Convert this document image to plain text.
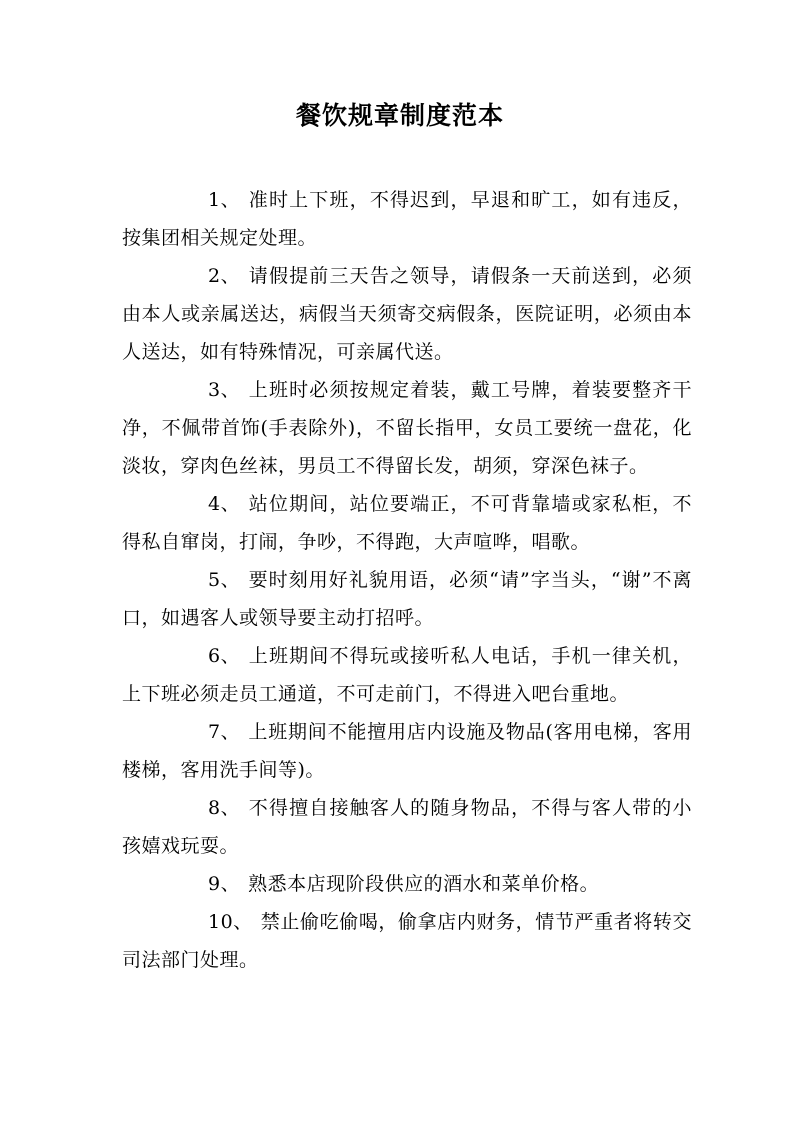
餐饮规章制度范本

1、 准时上下班，不得迟到，早退和旷工，如有违反，按集团相关规定处理。

2、 请假提前三天告之领导，请假条一天前送到，必须由本人或亲属送达，病假当天须寄交病假条，医院证明，必须由本人送达，如有特殊情况，可亲属代送。

3、 上班时必须按规定着装，戴工号牌，着装要整齐干净，不佩带首饰(手表除外)，不留长指甲，女员工要统一盘花，化淡妆，穿肉色丝袜，男员工不得留长发，胡须，穿深色袜子。

4、 站位期间，站位要端正，不可背靠墙或家私柜，不得私自窜岗，打闹，争吵，不得跑，大声喧哗，唱歌。

5、 要时刻用好礼貌用语，必须“请”字当头，“谢”不离口，如遇客人或领导要主动打招呼。

6、 上班期间不得玩或接听私人电话，手机一律关机，上下班必须走员工通道，不可走前门，不得进入吧台重地。

7、 上班期间不能擅用店内设施及物品(客用电梯，客用楼梯，客用洗手间等)。

8、 不得擅自接触客人的随身物品，不得与客人带的小孩嬉戏玩耍。

9、 熟悉本店现阶段供应的酒水和菜单价格。

10、 禁止偷吃偷喝，偷拿店内财务，情节严重者将转交司法部门处理。
